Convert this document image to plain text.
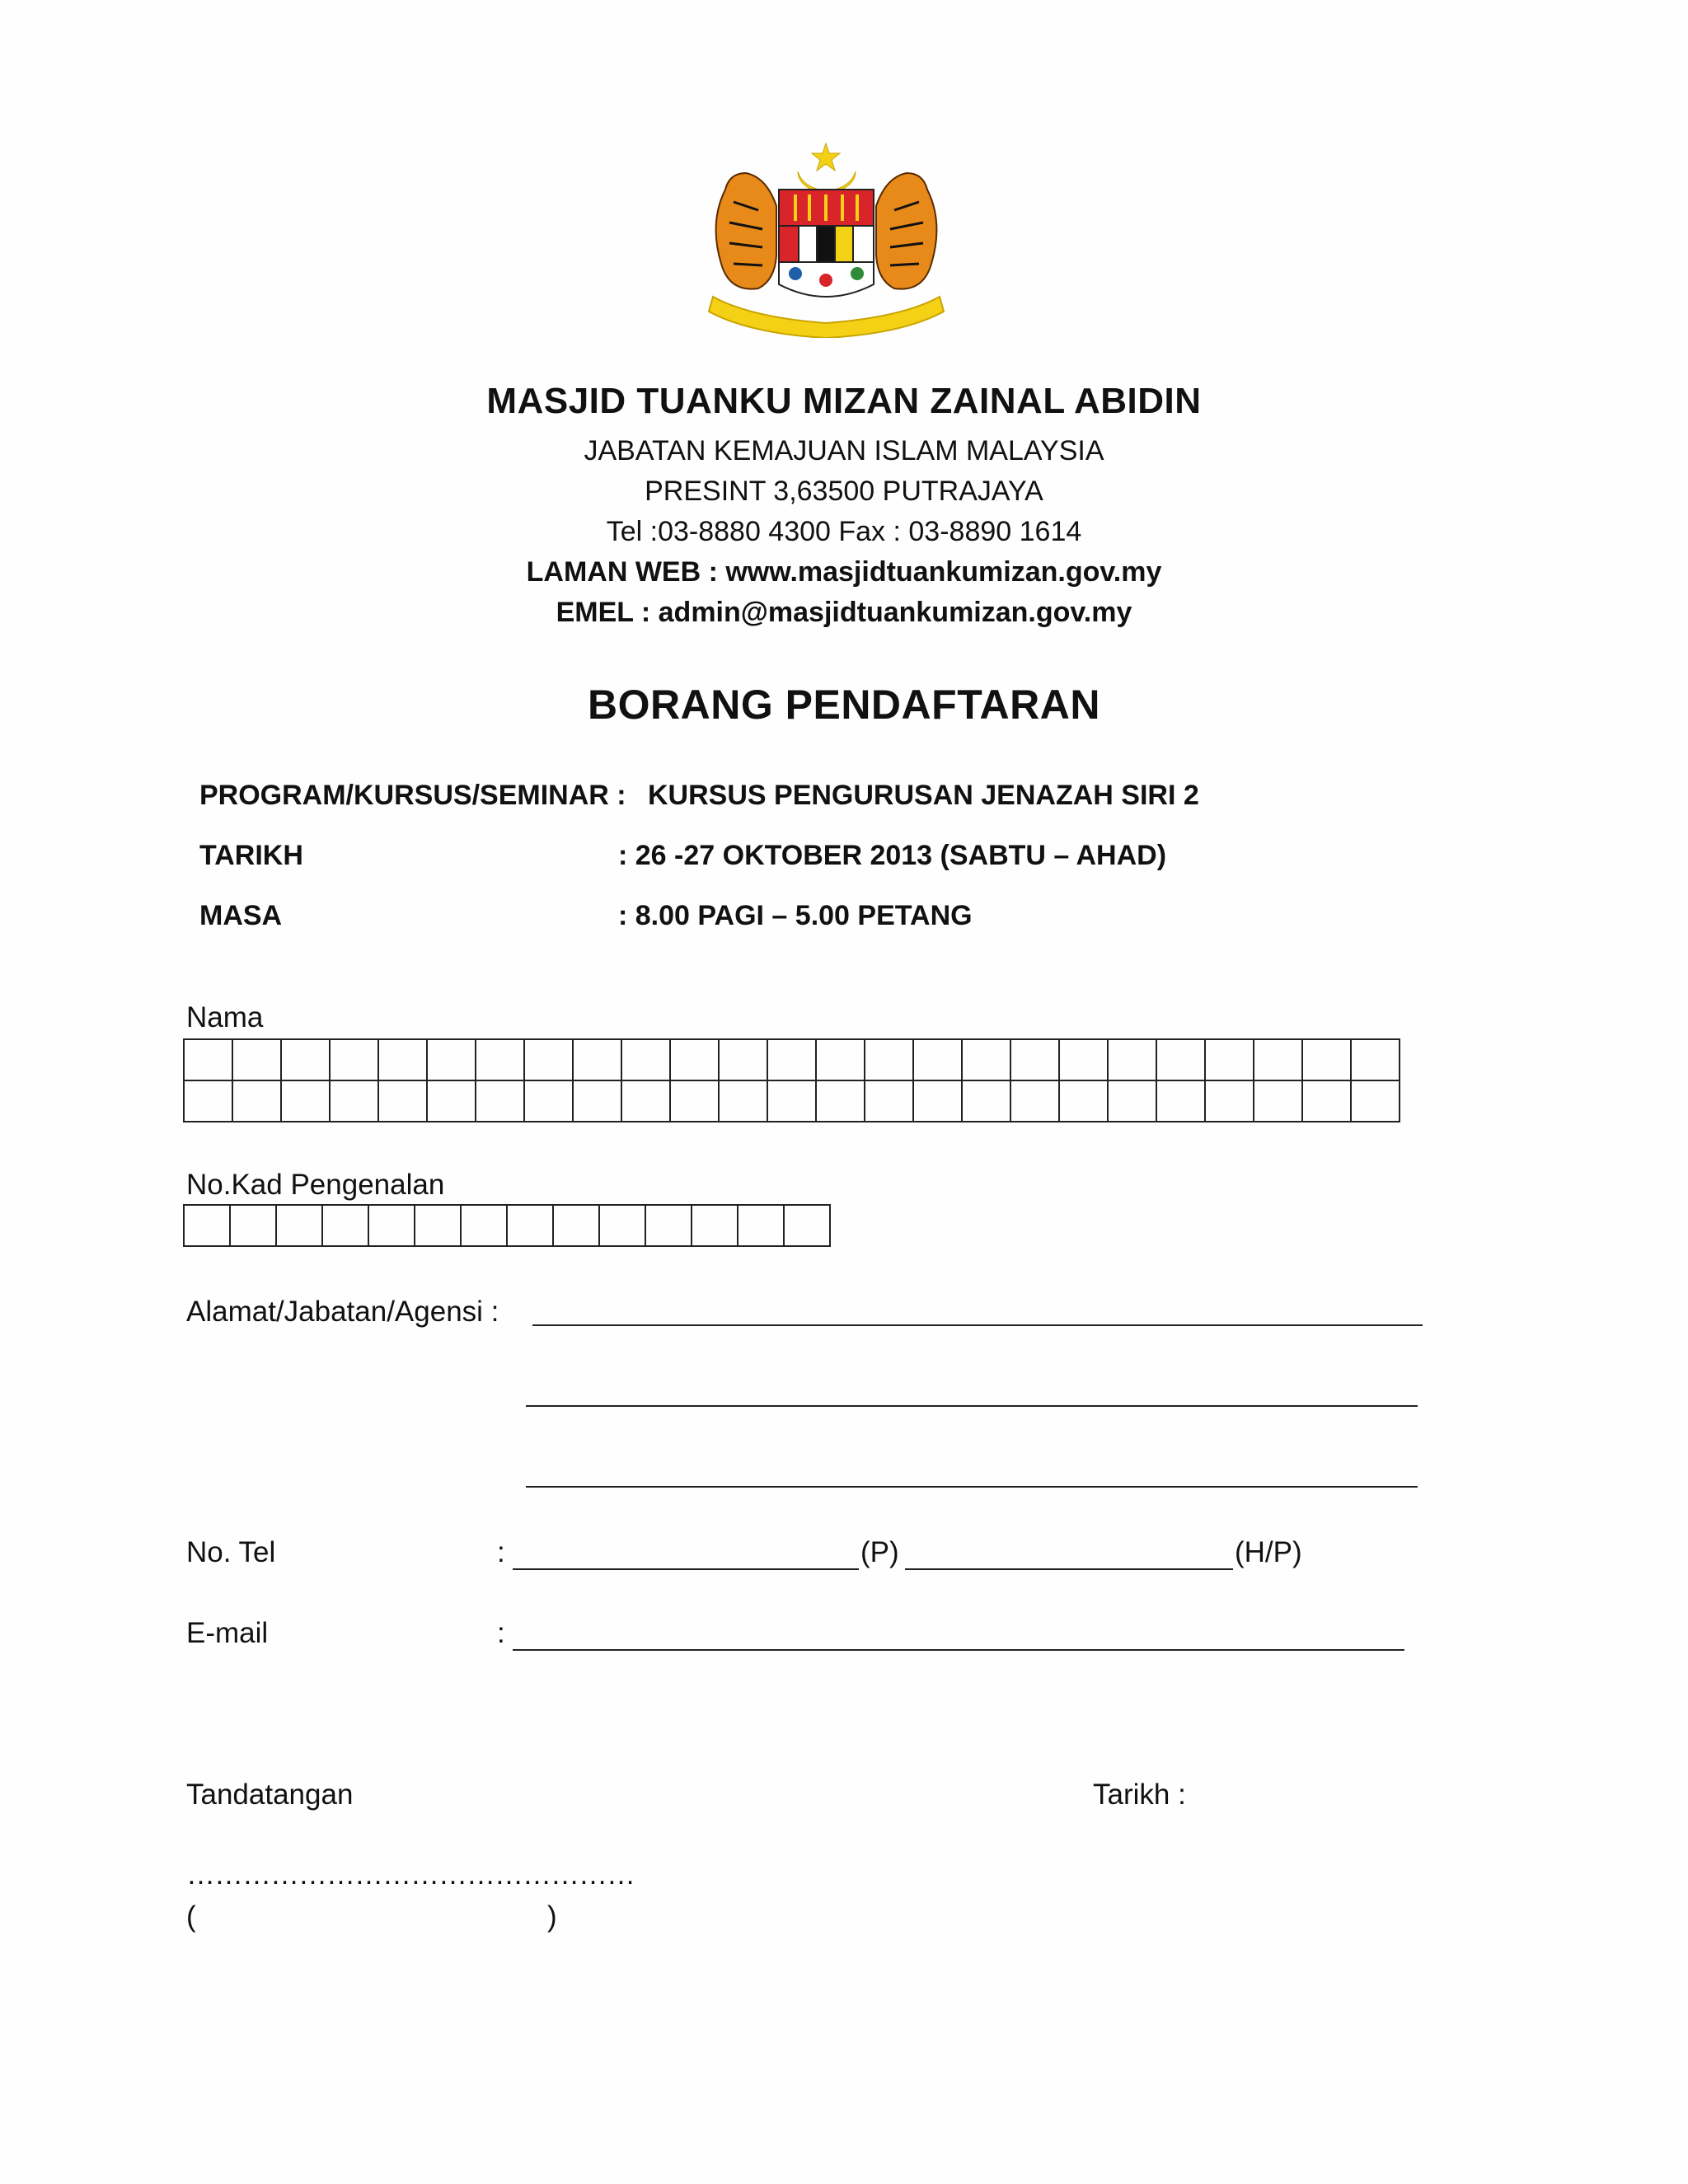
MASJID TUANKU MIZAN ZAINAL ABIDIN
JABATAN KEMAJUAN ISLAM MALAYSIA
PRESINT 3,63500 PUTRAJAYA
Tel :03-8880 4300 Fax : 03-8890 1614
LAMAN WEB : www.masjidtuankumizan.gov.my
EMEL : admin@masjidtuankumizan.gov.my
BORANG PENDAFTARAN
PROGRAM/KURSUS/SEMINAR : KURSUS PENGURUSAN JENAZAH SIRI 2
TARIKH	: 26 -27 OKTOBER 2013 (SABTU – AHAD)
MASA	: 8.00 PAGI – 5.00 PETANG
Nama

No.Kad Pengenalan

Alamat/Jabatan/Agensi :
No. Tel	:	(P)	(H/P)
E-mail	:
Tandatangan	Tarikh :
…………………………………………
(	)
